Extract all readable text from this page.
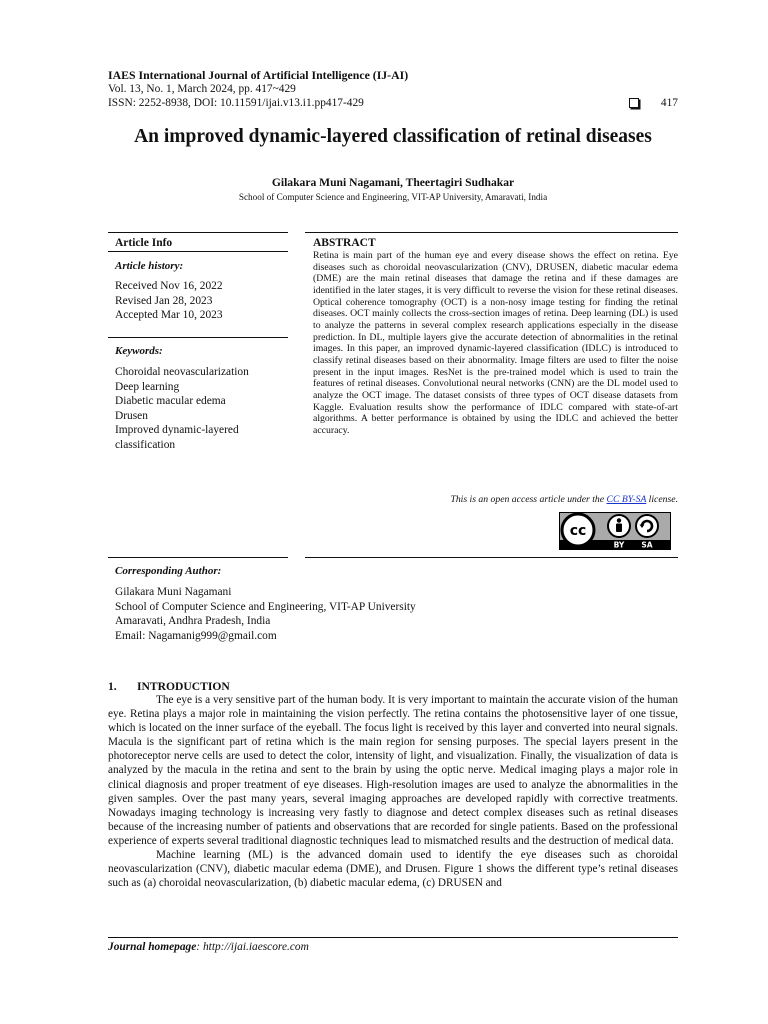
IAES International Journal of Artificial Intelligence (IJ-AI)
Vol. 13, No. 1, March 2024, pp. 417~429
ISSN: 2252-8938, DOI: 10.11591/ijai.v13.i1.pp417-429	417
An improved dynamic-layered classification of retinal diseases
Gilakara Muni Nagamani, Theertagiri Sudhakar
School of Computer Science and Engineering, VIT-AP University, Amaravati, India
Article Info	ABSTRACT
Article history:
Received Nov 16, 2022
Revised Jan 28, 2023
Accepted Mar 10, 2023
Keywords:
Choroidal neovascularization
Deep learning
Diabetic macular edema
Drusen
Improved dynamic-layered
classification
Retina is main part of the human eye and every disease shows the effect on retina. Eye diseases such as choroidal neovascularization (CNV), DRUSEN, diabetic macular edema (DME) are the main retinal diseases that damage the retina and if these damages are identified in the later stages, it is very difficult to reverse the vision for these retinal diseases. Optical coherence tomography (OCT) is a non-nosy image testing for finding the retinal diseases. OCT mainly collects the cross-section images of retina. Deep learning (DL) is used to analyze the patterns in several complex research applications especially in the disease prediction. In DL, multiple layers give the accurate detection of abnormalities in the retinal images. In this paper, an improved dynamic-layered classification (IDLC) is introduced to classify retinal diseases based on their abnormality. Image filters are used to filter the noise present in the input images. ResNet is the pre-trained model which is used to train the features of retinal diseases. Convolutional neural networks (CNN) are the DL model used to analyze the OCT image. The dataset consists of three types of OCT disease datasets from Kaggle. Evaluation results show the performance of IDLC compared with state-of-art algorithms. A better performance is obtained by using the IDLC and achieved the better accuracy.
This is an open access article under the CC BY-SA license.
cc
BY SA
Corresponding Author:
Gilakara Muni Nagamani
School of Computer Science and Engineering, VIT-AP University
Amaravati, Andhra Pradesh, India
Email: Nagamanig999@gmail.com
1. INTRODUCTION

The eye is a very sensitive part of the human body. It is very important to maintain the accurate vision of the human eye. Retina plays a major role in maintaining the vision perfectly. The retina contains the photosensitive layer of one tissue, which is located on the inner surface of the eyeball. The focus light is received by this layer and converted into neural signals. Macula is the significant part of retina which is the main region for sensing purposes. The special layers present in the photoreceptor nerve cells are used to detect the color, intensity of light, and visualization. Finally, the visualization of data is analyzed by the macula in the retina and sent to the brain by using the optic nerve. Medical imaging plays a major role in clinical diagnosis and proper treatment of eye diseases. High-resolution images are used to analyze the abnormalities in the given samples. Over the past many years, several imaging approaches are developed rapidly with corrective treatments. Nowadays imaging technology is increasing very fastly to diagnose and detect complex diseases such as retinal diseases because of the increasing number of patients and observations that are recorded for single patients. Based on the professional experience of experts several traditional diagnostic techniques lead to mismatched results and the destruction of medical data.

Machine learning (ML) is the advanced domain used to identify the eye diseases such as choroidal neovascularization (CNV), diabetic macular edema (DME), and Drusen. Figure 1 shows the different type’s retinal diseases such as (a) choroidal neovascularization, (b) diabetic macular edema, (c) DRUSEN and

Journal homepage: http://ijai.iaescore.com
